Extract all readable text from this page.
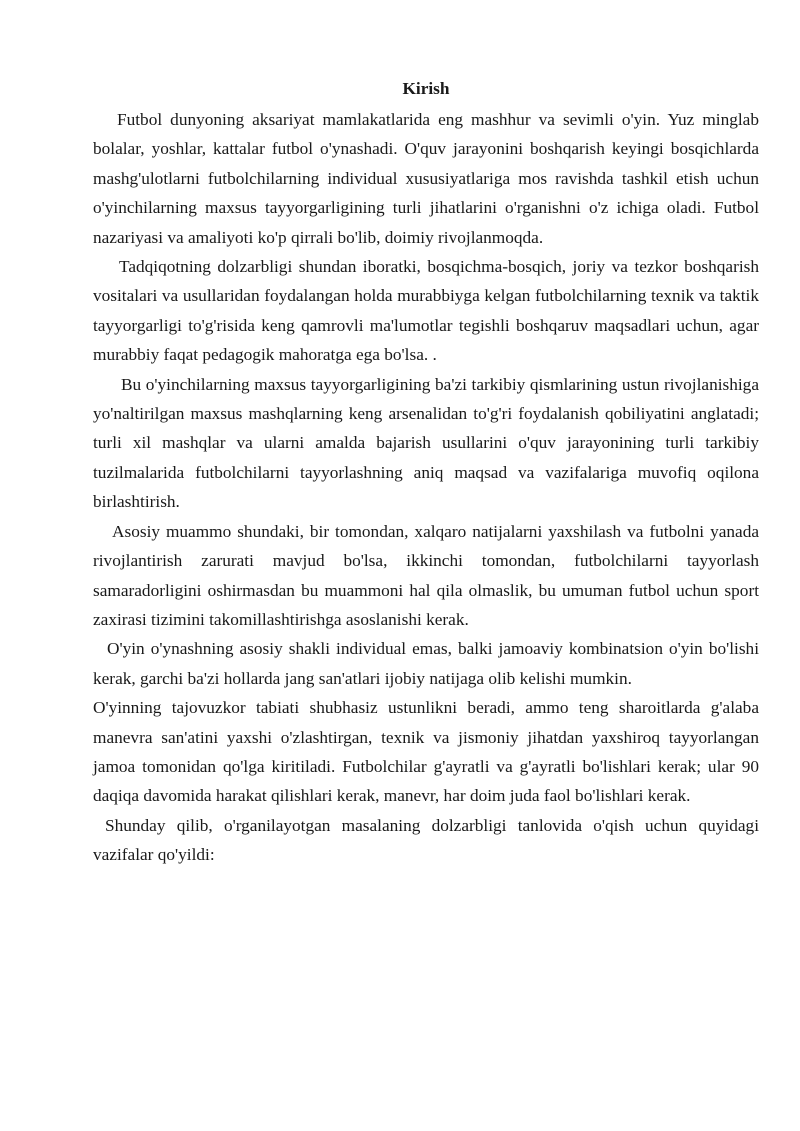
Kirish

Futbol dunyoning aksariyat mamlakatlarida eng mashhur va sevimli o'yin. Yuz minglab bolalar, yoshlar, kattalar futbol o'ynashadi. O'quv jarayonini boshqarish keyingi bosqichlarda mashg'ulotlarni futbolchilarning individual xususiyatlariga mos ravishda tashkil etish uchun o'yinchilarning maxsus tayyorgarligining turli jihatlarini o'rganishni o'z ichiga oladi. Futbol nazariyasi va amaliyoti ko'p qirrali bo'lib, doimiy rivojlanmoqda.

Tadqiqotning dolzarbligi shundan iboratki, bosqichma-bosqich, joriy va tezkor boshqarish vositalari va usullaridan foydalangan holda murabbiyga kelgan futbolchilarning texnik va taktik tayyorgarligi to'g'risida keng qamrovli ma'lumotlar tegishli boshqaruv maqsadlari uchun, agar murabbiy faqat pedagogik mahoratga ega bo'lsa. .

Bu o'yinchilarning maxsus tayyorgarligining ba'zi tarkibiy qismlarining ustun rivojlanishiga yo'naltirilgan maxsus mashqlarning keng arsenalidan to'g'ri foydalanish qobiliyatini anglatadi; turli xil mashqlar va ularni amalda bajarish usullarini o'quv jarayonining turli tarkibiy tuzilmalarida futbolchilarni tayyorlashning aniq maqsad va vazifalariga muvofiq oqilona birlashtirish.

Asosiy muammo shundaki, bir tomondan, xalqaro natijalarni yaxshilash va futbolni yanada rivojlantirish zarurati mavjud bo'lsa, ikkinchi tomondan, futbolchilarni tayyorlash samaradorligini oshirmasdan bu muammoni hal qila olmaslik, bu umuman futbol uchun sport zaxirasi tizimini takomillashtirishga asoslanishi kerak.

O'yin o'ynashning asosiy shakli individual emas, balki jamoaviy kombinatsion o'yin bo'lishi kerak, garchi ba'zi hollarda jang san'atlari ijobiy natijaga olib kelishi mumkin.

O'yinning tajovuzkor tabiati shubhasiz ustunlikni beradi, ammo teng sharoitlarda g'alaba manevra san'atini yaxshi o'zlashtirgan, texnik va jismoniy jihatdan yaxshiroq tayyorlangan jamoa tomonidan qo'lga kiritiladi. Futbolchilar g'ayratli va g'ayratli bo'lishlari kerak; ular 90 daqiqa davomida harakat qilishlari kerak, manevr, har doim juda faol bo'lishlari kerak.

Shunday qilib, o'rganilayotgan masalaning dolzarbligi tanlovida o'qish uchun quyidagi vazifalar qo'yildi:
